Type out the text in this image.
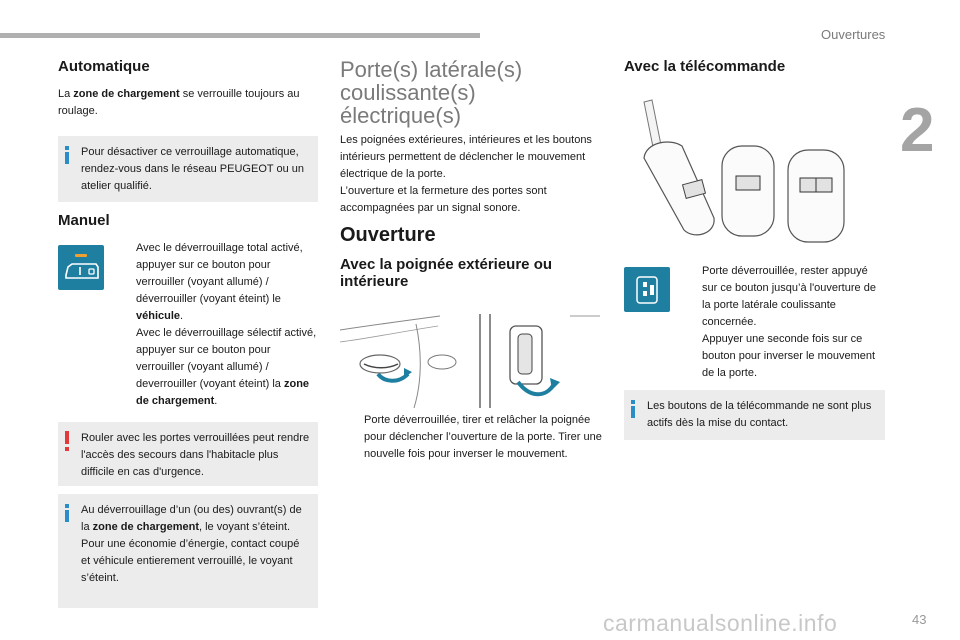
Ouvertures
2
Automatique
La zone de chargement se verrouille toujours au roulage.
Pour désactiver ce verrouillage automatique, rendez-vous dans le réseau PEUGEOT ou un atelier qualifié.
Manuel
Avec le déverrouillage total activé, appuyer sur ce bouton pour verrouiller (voyant allumé) / déverrouiller (voyant éteint) le véhicule.
Avec le déverrouillage sélectif activé, appuyer sur ce bouton pour verrouiller (voyant allumé) / deverrouiller (voyant éteint) la zone de chargement.
Rouler avec les portes verrouillées peut rendre l'accès des secours dans l'habitacle plus difficile en cas d'urgence.
Au déverrouillage d’un (ou des) ouvrant(s) de la zone de chargement, le voyant s’éteint.
Pour une économie d’énergie, contact coupé et véhicule entierement verrouillé, le voyant s’éteint.
Porte(s) latérale(s)
coulissante(s)
électrique(s)
Les poignées extérieures, intérieures et les boutons intérieurs permettent de déclencher le mouvement électrique de la porte.
L’ouverture et la fermeture des portes sont accompagnées par un signal sonore.
Ouverture
Avec la poignée extérieure ou intérieure
Porte déverrouillée, tirer et relâcher la poignée pour déclencher l’ouverture de la porte. Tirer une nouvelle fois pour inverser le mouvement.
Avec la télécommande
Porte déverrouillée, rester appuyé sur ce bouton jusqu’à l'ouverture de la porte latérale coulissante concernée.
Appuyer une seconde fois sur ce bouton pour inverser le mouvement de la porte.
Les boutons de la télécommande ne sont plus actifs dès la mise du contact.
carmanualsonline.info	43
